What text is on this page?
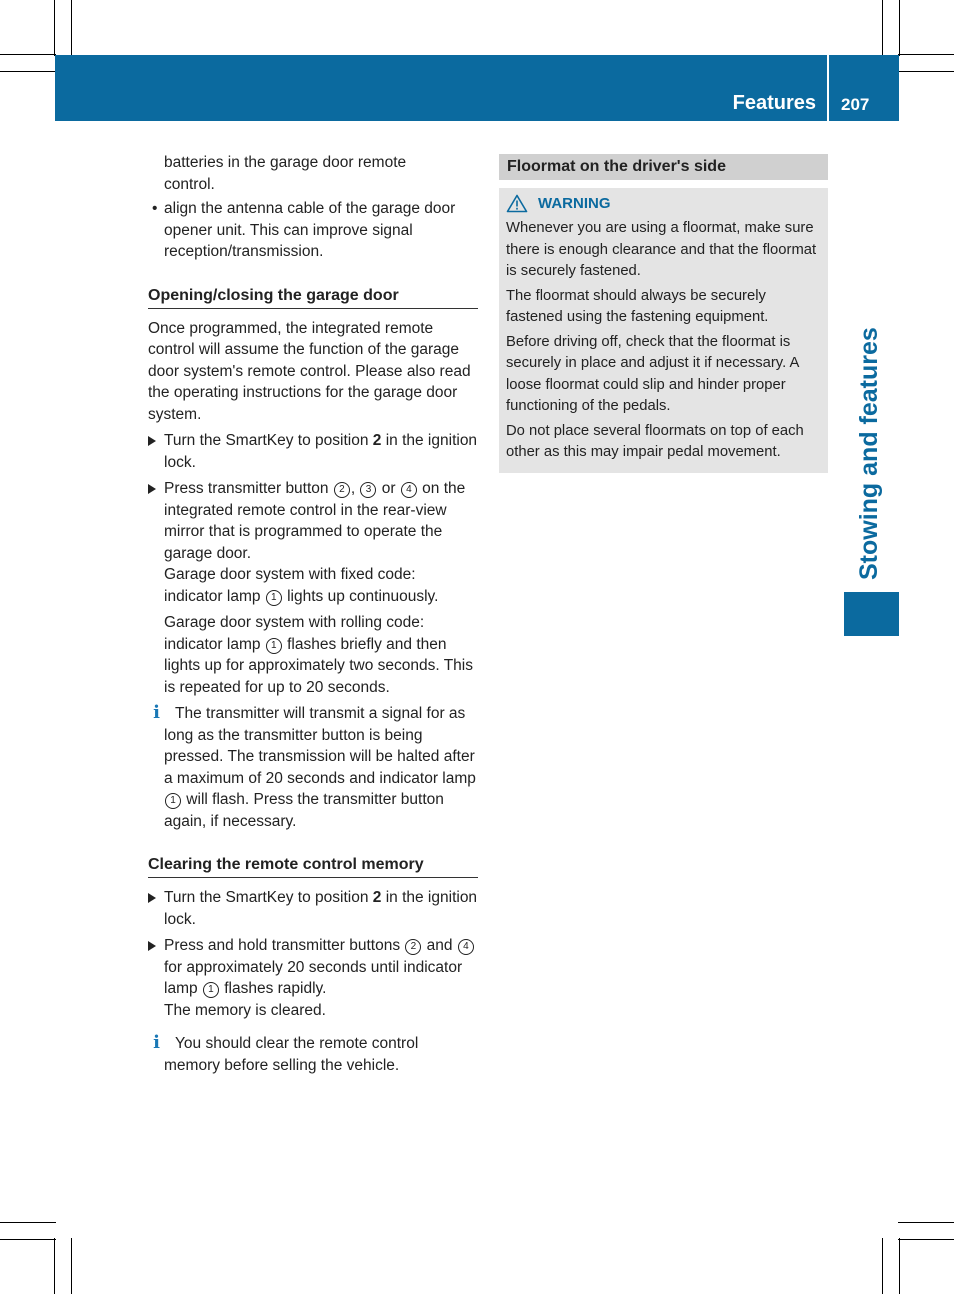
Features 207
Stowing and features

batteries in the garage door remote
control.

• align the antenna cable of the garage door opener unit. This can improve signal reception/transmission.

Opening/closing the garage door

Once programmed, the integrated remote control will assume the function of the garage door system's remote control. Please also read the operating instructions for the garage door system.

Turn the SmartKey to position 2 in the ignition lock.

Press transmitter button 2 , 3 or 4 on the integrated remote control in the rear-view mirror that is programmed to operate the garage door.

Garage door system with fixed code: indicator lamp 1 lights up continuously.

Garage door system with rolling code: indicator lamp 1 flashes briefly and then lights up for approximately two seconds. This is repeated for up to 20 seconds.

i The transmitter will transmit a signal for as long as the transmitter button is being pressed. The transmission will be halted after a maximum of 20 seconds and indicator lamp 1 will flash. Press the transmitter button again, if necessary.

Clearing the remote control memory

Turn the SmartKey to position 2 in the ignition lock.

Press and hold transmitter buttons 2 and 4 for approximately 20 seconds until indicator lamp 1 flashes rapidly.

The memory is cleared.

i You should clear the remote control memory before selling the vehicle.

Floormat on the driver's side
WARNING

Whenever you are using a floormat, make sure there is enough clearance and that the floormat is securely fastened.

The floormat should always be securely fastened using the fastening equipment.

Before driving off, check that the floormat is securely in place and adjust it if necessary. A loose floormat could slip and hinder proper functioning of the pedals.

Do not place several floormats on top of each other as this may impair pedal movement.
